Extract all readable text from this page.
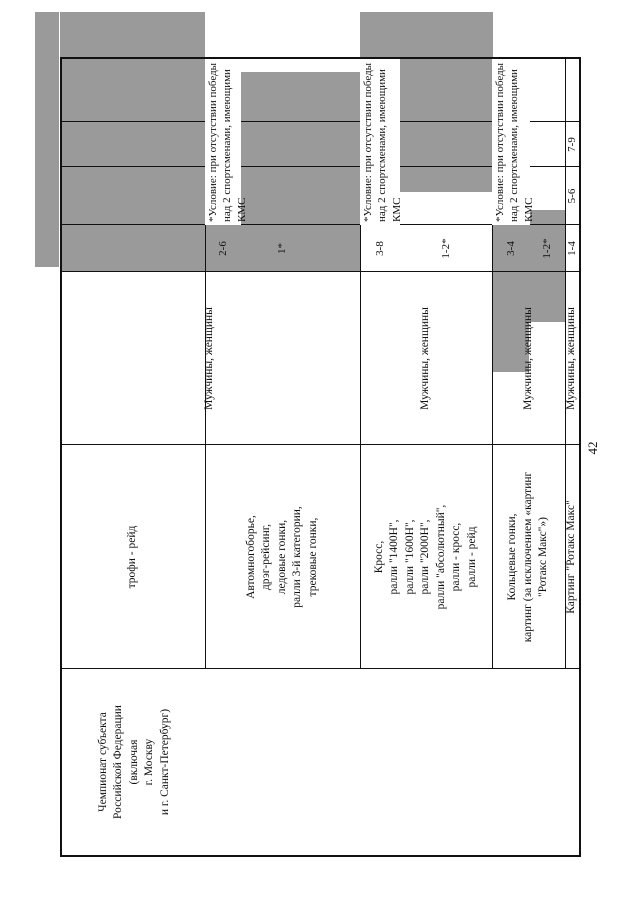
42
Чемпионат субъекта
Российской Федерации
(включая
г. Москву
и г. Санкт-Петербург)
Картинг "Ротакс Макс"
Мужчины, женщины
1-4
5-6
7-9
Кольцевые гонки,
картинг (за исключением «картинг
"Ротакс Макс"»)
Мужчины, женщины
1-2*
*Условие: при отсутствии победы над 2 спортсменами, имеющими КМС
3-4
Кросс,
ралли "1400Н",
ралли "1600Н",
ралли "2000Н",
ралли "абсолютный",
ралли - кросс,
ралли - рейд
Мужчины, женщины
1-2*
*Условие: при отсутствии победы над 2 спортсменами, имеющими КМС
3-8
Автомногоборье,
дрэг-рейсинг,
ледовые гонки,
ралли 3-й категории,
трековые гонки,
Мужчины, женщины
1*
*Условие: при отсутствии победы над 2 спортсменами, имеющими КМС
2-6
трофи - рейд
